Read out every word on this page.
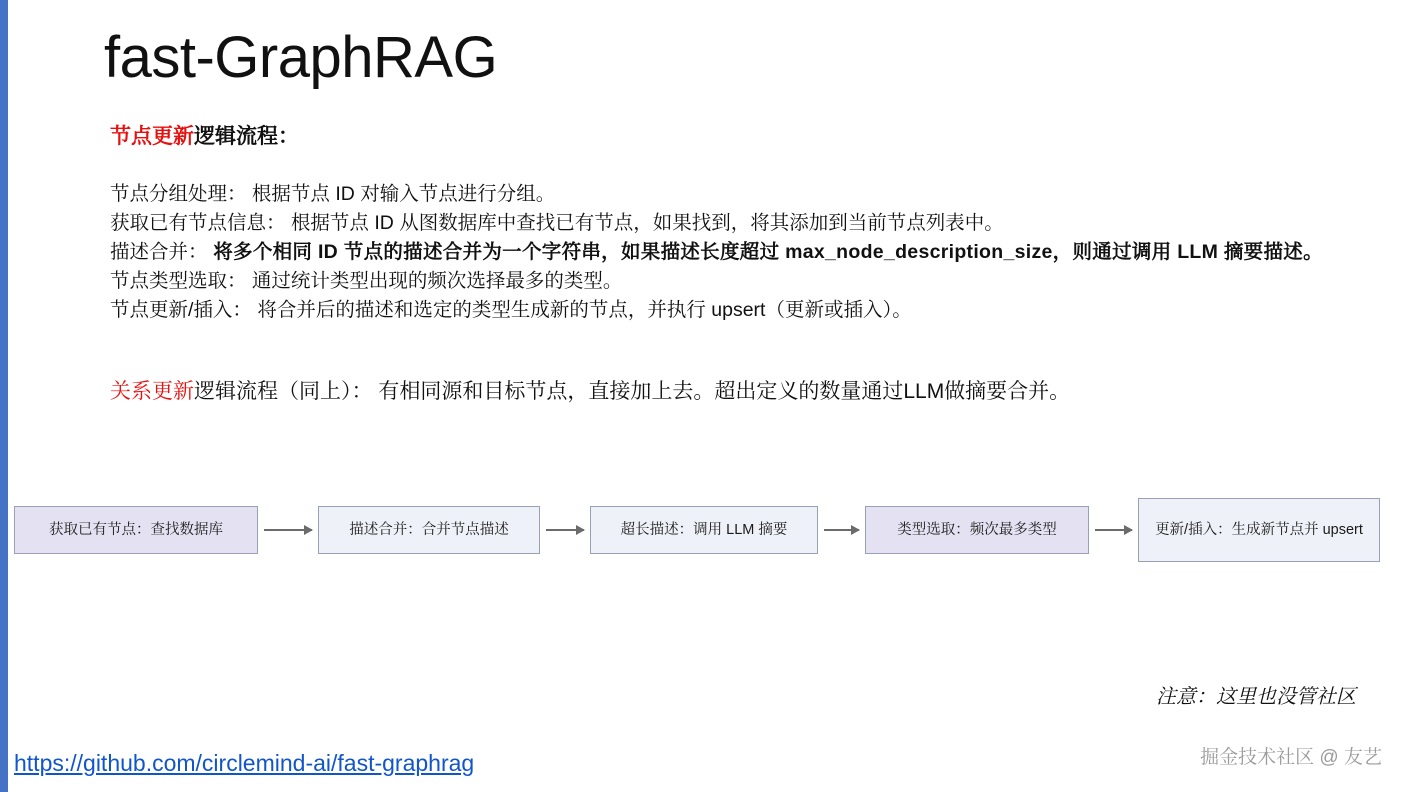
fast-GraphRAG
节点更新逻辑流程：
节点分组处理： 根据节点 ID 对输入节点进行分组。
获取已有节点信息： 根据节点 ID 从图数据库中查找已有节点，如果找到，将其添加到当前节点列表中。
描述合并： 将多个相同 ID 节点的描述合并为一个字符串，如果描述长度超过 max_node_description_size，则通过调用 LLM 摘要描述。
节点类型选取： 通过统计类型出现的频次选择最多的类型。
节点更新/插入： 将合并后的描述和选定的类型生成新的节点，并执行 upsert（更新或插入）。
关系更新逻辑流程（同上）： 有相同源和目标节点，直接加上去。超出定义的数量通过LLM做摘要合并。
获取已有节点：查找数据库	描述合并：合并节点描述	超长描述：调用 LLM 摘要	类型选取：频次最多类型	更新/插入：生成新节点并 upsert
注意：这里也没管社区
https://github.com/circlemind-ai/fast-graphrag	掘金技术社区 @ 友艺
